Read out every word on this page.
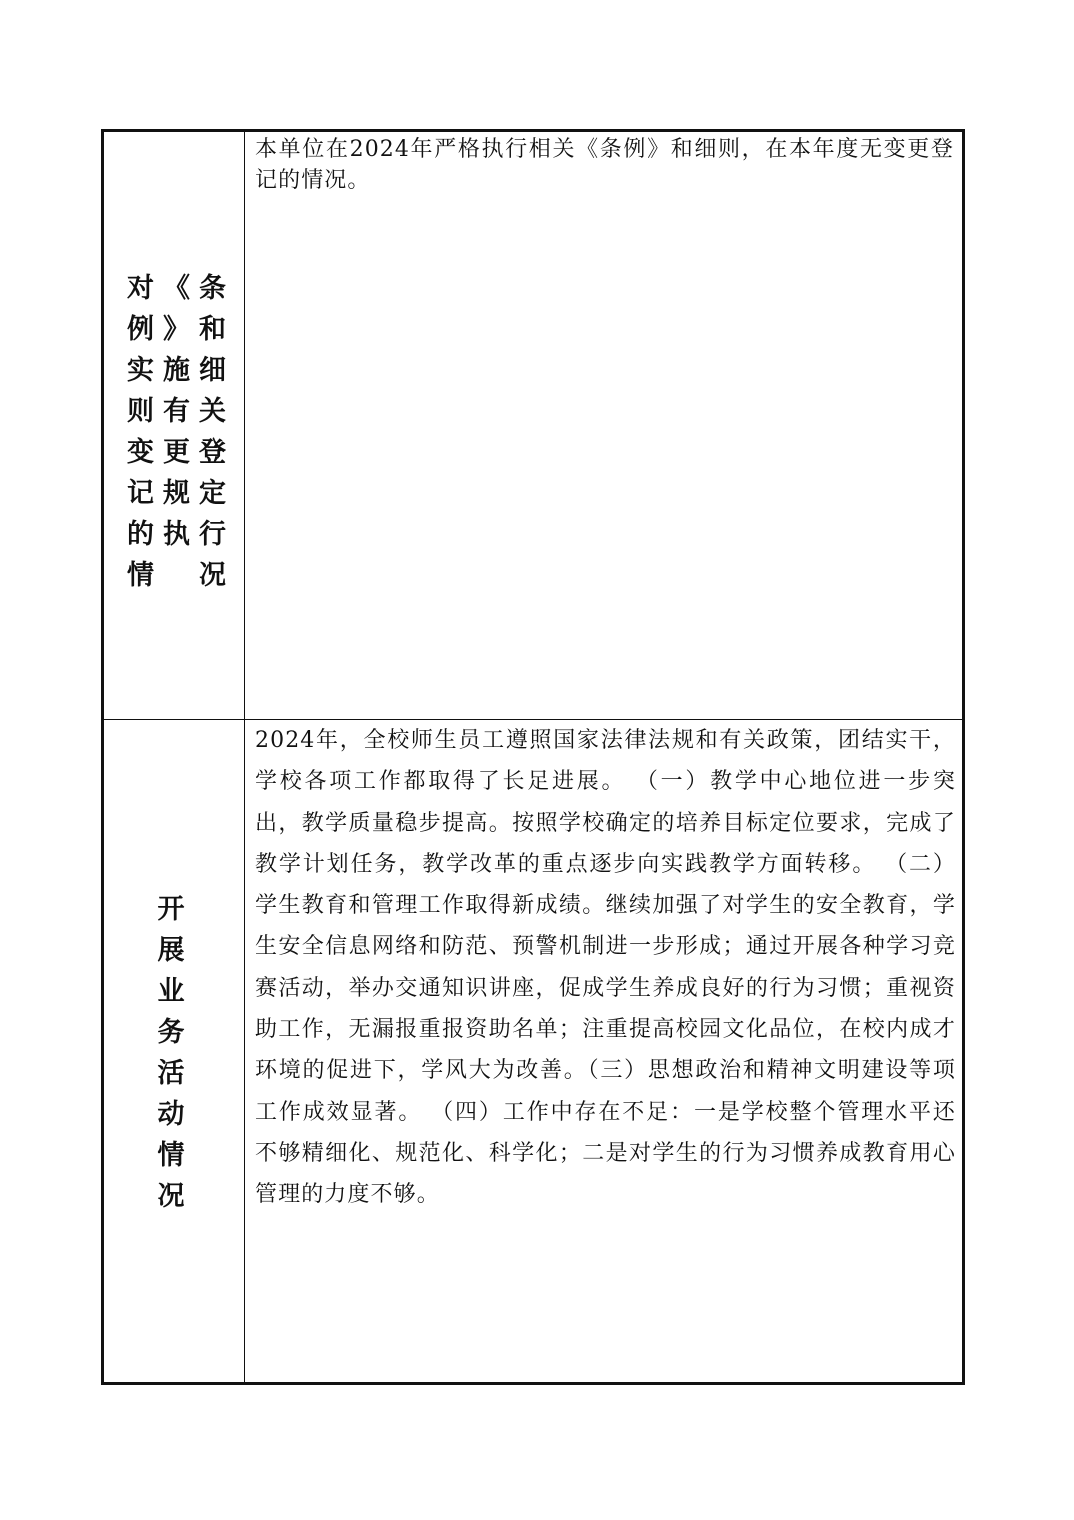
对《条
例》和
实施细
则有关
变更登
记规定
的执行
情　况
本单位在2024年严格执行相关《条例》和细则，在本年度无变更登记的情况。
开
展
业
务
活
动
情
况
2024年，全校师生员工遵照国家法律法规和有关政策，团结实干，学校各项工作都取得了长足进展。 （一）教学中心地位进一步突出，教学质量稳步提高。按照学校确定的培养目标定位要求，完成了教学计划任务，教学改革的重点逐步向实践教学方面转移。 （二）学生教育和管理工作取得新成绩。继续加强了对学生的安全教育，学生安全信息网络和防范、预警机制进一步形成；通过开展各种学习竞赛活动，举办交通知识讲座，促成学生养成良好的行为习惯；重视资助工作，无漏报重报资助名单；注重提高校园文化品位，在校内成才环境的促进下，学风大为改善。（三）思想政治和精神文明建设等项工作成效显著。 （四）工作中存在不足：一是学校整个管理水平还不够精细化、规范化、科学化；二是对学生的行为习惯养成教育用心管理的力度不够。
